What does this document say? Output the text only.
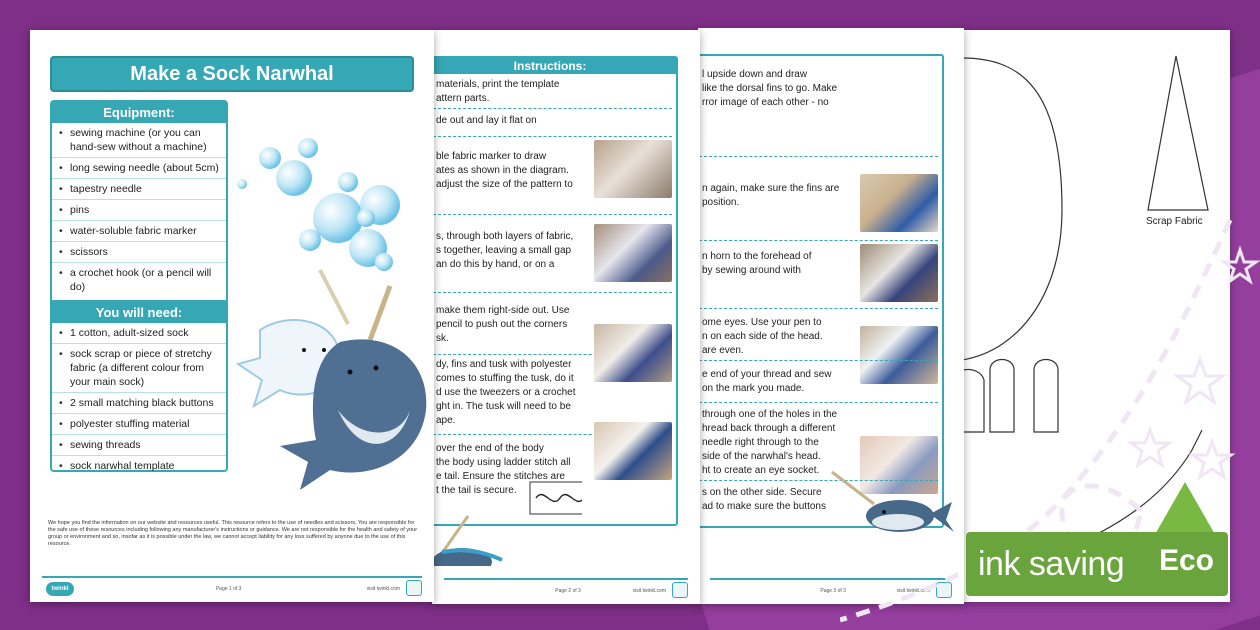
Scrap Fabric
l upside down and draw
like the dorsal fins to go. Make
rror image of each other - no
n again, make sure the fins are
position.
n horn to the forehead of
by sewing around with
ome eyes. Use your pen to
n on each side of the head.
are even.
e end of your thread and sew
on the mark you made.
through one of the holes in the
hread back through a different
needle right through to the
side of the narwhal's head.
ht to create an eye socket.
s on the other side. Secure
ad to make sure the buttons
Page 3 of 3	visit twinkl.com
Instructions:
materials, print the template
attern parts.
de out and lay it flat on
ble fabric marker to draw
ates as shown in the diagram.
adjust the size of the pattern to
s, through both layers of fabric,
s together, leaving a small gap
an do this by hand, or on a
make them right-side out. Use
pencil to push out the corners
sk.
dy, fins and tusk with polyester
comes to stuffing the tusk, do it
d use the tweezers or a crochet
ght in. The tusk will need to be
ape.
over the end of the body
the body using ladder stitch all
e tail. Ensure the stitches are
t the tail is secure.
Page 2 of 3	visit twinkl.com
Make a Sock Narwhal
Equipment:
• sewing machine (or you can hand-sew without a machine)
• long sewing needle (about 5cm)
• tapestry needle
• pins
• water-soluble fabric marker
• scissors
• a crochet hook (or a pencil will do)
You will need:
• 1 cotton, adult-sized sock
• sock scrap or piece of stretchy fabric (a different colour from your main sock)
• 2 small matching black buttons
• polyester stuffing material
• sewing threads
• sock narwhal template

We hope you find the information on our website and resources useful. This resource refers to the use of needles and scissors. You are responsible for the safe use of these resources including following any manufacturer's instructions or guidance. We are not responsible for the health and safety of your group or environment and so, insofar as it is possible under the law, we cannot accept liability for any loss suffered by anyone due to the use of this resource.

twinkl	Page 1 of 3	visit twinkl.com
ink saving Eco
